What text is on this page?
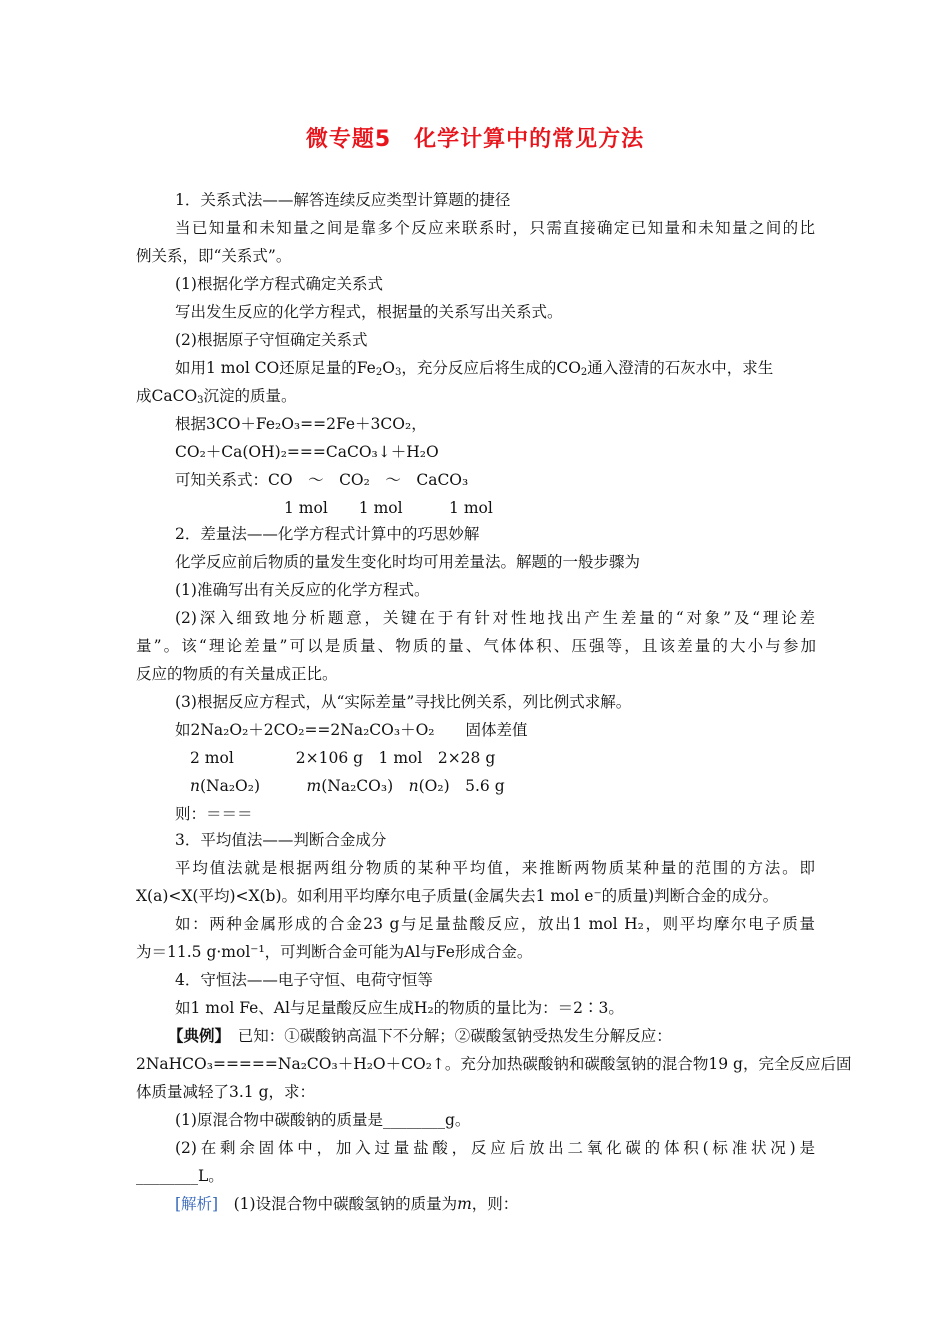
微专题5　化学计算中的常见方法
1．关系式法——解答连续反应类型计算题的捷径
当已知量和未知量之间是靠多个反应来联系时，只需直接确定已知量和未知量之间的比
例关系，即“关系式”。
(1)根据化学方程式确定关系式
写出发生反应的化学方程式，根据量的关系写出关系式。
(2)根据原子守恒确定关系式
如用1 mol CO还原足量的$Fe_2O_3$，充分反应后将生成的$CO_2$通入澄清的石灰水中，求生
成CaCO$_3$沉淀的质量。
根据3CO＋Fe₂O₃==2Fe＋3CO₂，
CO₂＋Ca(OH)₂===CaCO₃↓＋H₂O
可知关系式：CO　～　CO₂　～　CaCO₃
1 mol　　1 mol　　　1 mol
2．差量法——化学方程式计算中的巧思妙解
化学反应前后物质的量发生变化时均可用差量法。解题的一般步骤为
(1)准确写出有关反应的化学方程式。
(2)深入细致地分析题意，关键在于有针对性地找出产生差量的“对象”及“理论差
量”。该“理论差量”可以是质量、物质的量、气体体积、压强等，且该差量的大小与参加
反应的物质的有关量成正比。
(3)根据反应方程式，从“实际差量”寻找比例关系，列比例式求解。
如2Na₂O₂＋2CO₂==2Na₂CO₃＋O₂　　固体差值
2 mol　　　　2×106 g　1 mol　2×28 g
n(Na₂O₂)　　　m(Na₂CO₃)　n(O₂)　5.6 g
则：＝＝＝
3．平均值法——判断合金成分
平均值法就是根据两组分物质的某种平均值，来推断两物质某种量的范围的方法。即
X(a)<X(平均)<X(b)。如利用平均摩尔电子质量(金属失去1 mol e⁻的质量)判断合金的成分。
如：两种金属形成的合金23 g与足量盐酸反应，放出1 mol H₂，则平均摩尔电子质量
为＝11.5 g·mol⁻¹，可判断合金可能为Al与Fe形成合金。
4．守恒法——电子守恒、电荷守恒等
如1 mol Fe、Al与足量酸反应生成H₂的物质的量比为：＝2∶3。
【典例】　已知：①碳酸钠高温下不分解；②碳酸氢钠受热发生分解反应：
2NaHCO₃=====Na₂CO₃＋H₂O＋CO₂↑。充分加热碳酸钠和碳酸氢钠的混合物19 g，完全反应后固
体质量减轻了3.1 g，求：
(1)原混合物中碳酸钠的质量是________g。
(2)在剩余固体中，加入过量盐酸，反应后放出二氧化碳的体积(标准状况)是
________L。
[解析]　(1)设混合物中碳酸氢钠的质量为m，则：
